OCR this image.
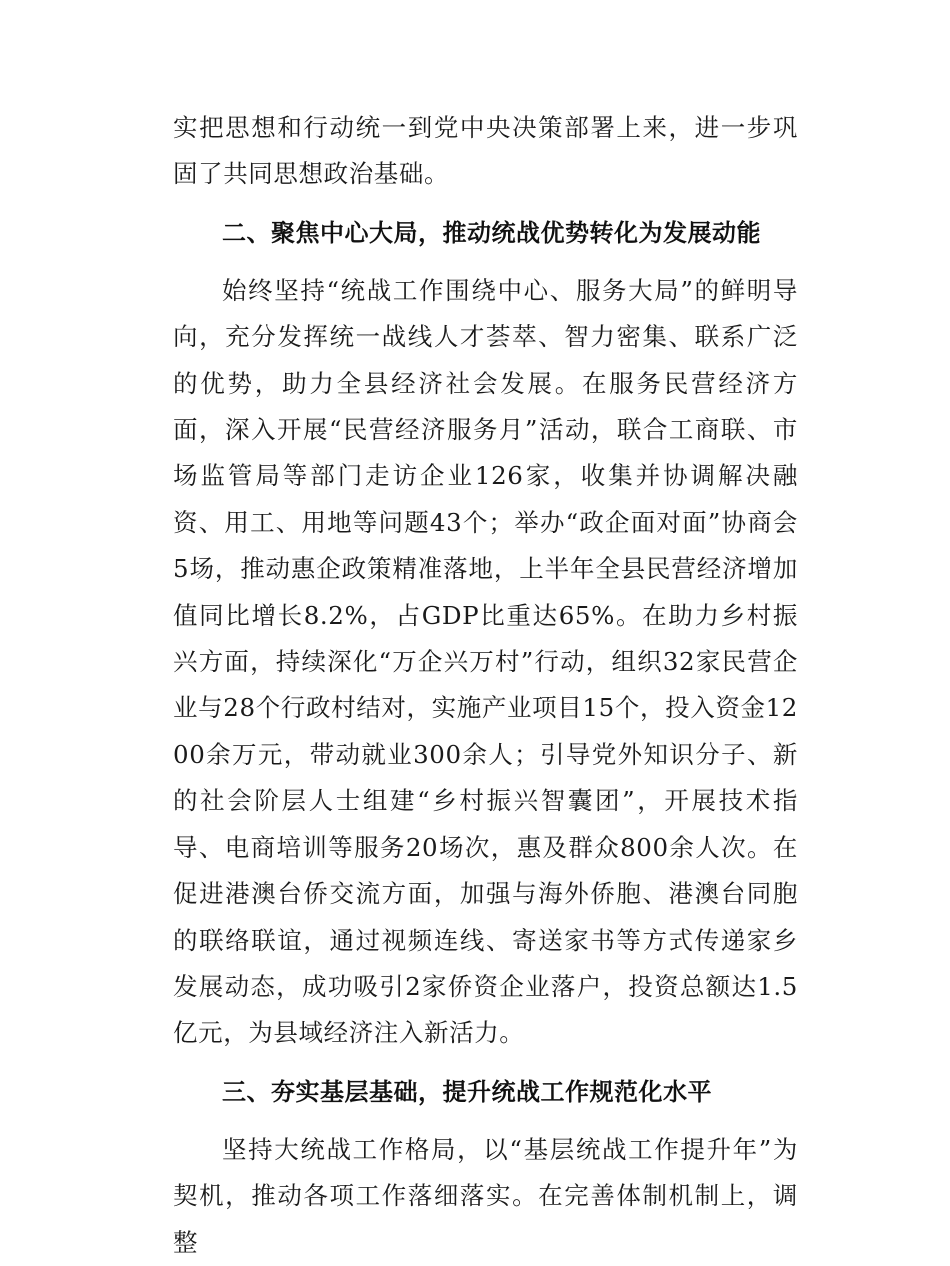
实把思想和行动统一到党中央决策部署上来，进一步巩固了共同思想政治基础。

二、聚焦中心大局，推动统战优势转化为发展动能

始终坚持“统战工作围绕中心、服务大局”的鲜明导向，充分发挥统一战线人才荟萃、智力密集、联系广泛的优势，助力全县经济社会发展。在服务民营经济方面，深入开展“民营经济服务月”活动，联合工商联、市场监管局等部门走访企业126家，收集并协调解决融资、用工、用地等问题43个；举办“政企面对面”协商会5场，推动惠企政策精准落地，上半年全县民营经济增加值同比增长8.2%，占GDP比重达65%。在助力乡村振兴方面，持续深化“万企兴万村”行动，组织32家民营企业与28个行政村结对，实施产业项目15个，投入资金1200余万元，带动就业300余人；引导党外知识分子、新的社会阶层人士组建“乡村振兴智囊团”，开展技术指导、电商培训等服务20场次，惠及群众800余人次。在促进港澳台侨交流方面，加强与海外侨胞、港澳台同胞的联络联谊，通过视频连线、寄送家书等方式传递家乡发展动态，成功吸引2家侨资企业落户，投资总额达1.5亿元，为县域经济注入新活力。

三、夯实基层基础，提升统战工作规范化水平

坚持大统战工作格局，以“基层统战工作提升年”为契机，推动各项工作落细落实。在完善体制机制上，调整
